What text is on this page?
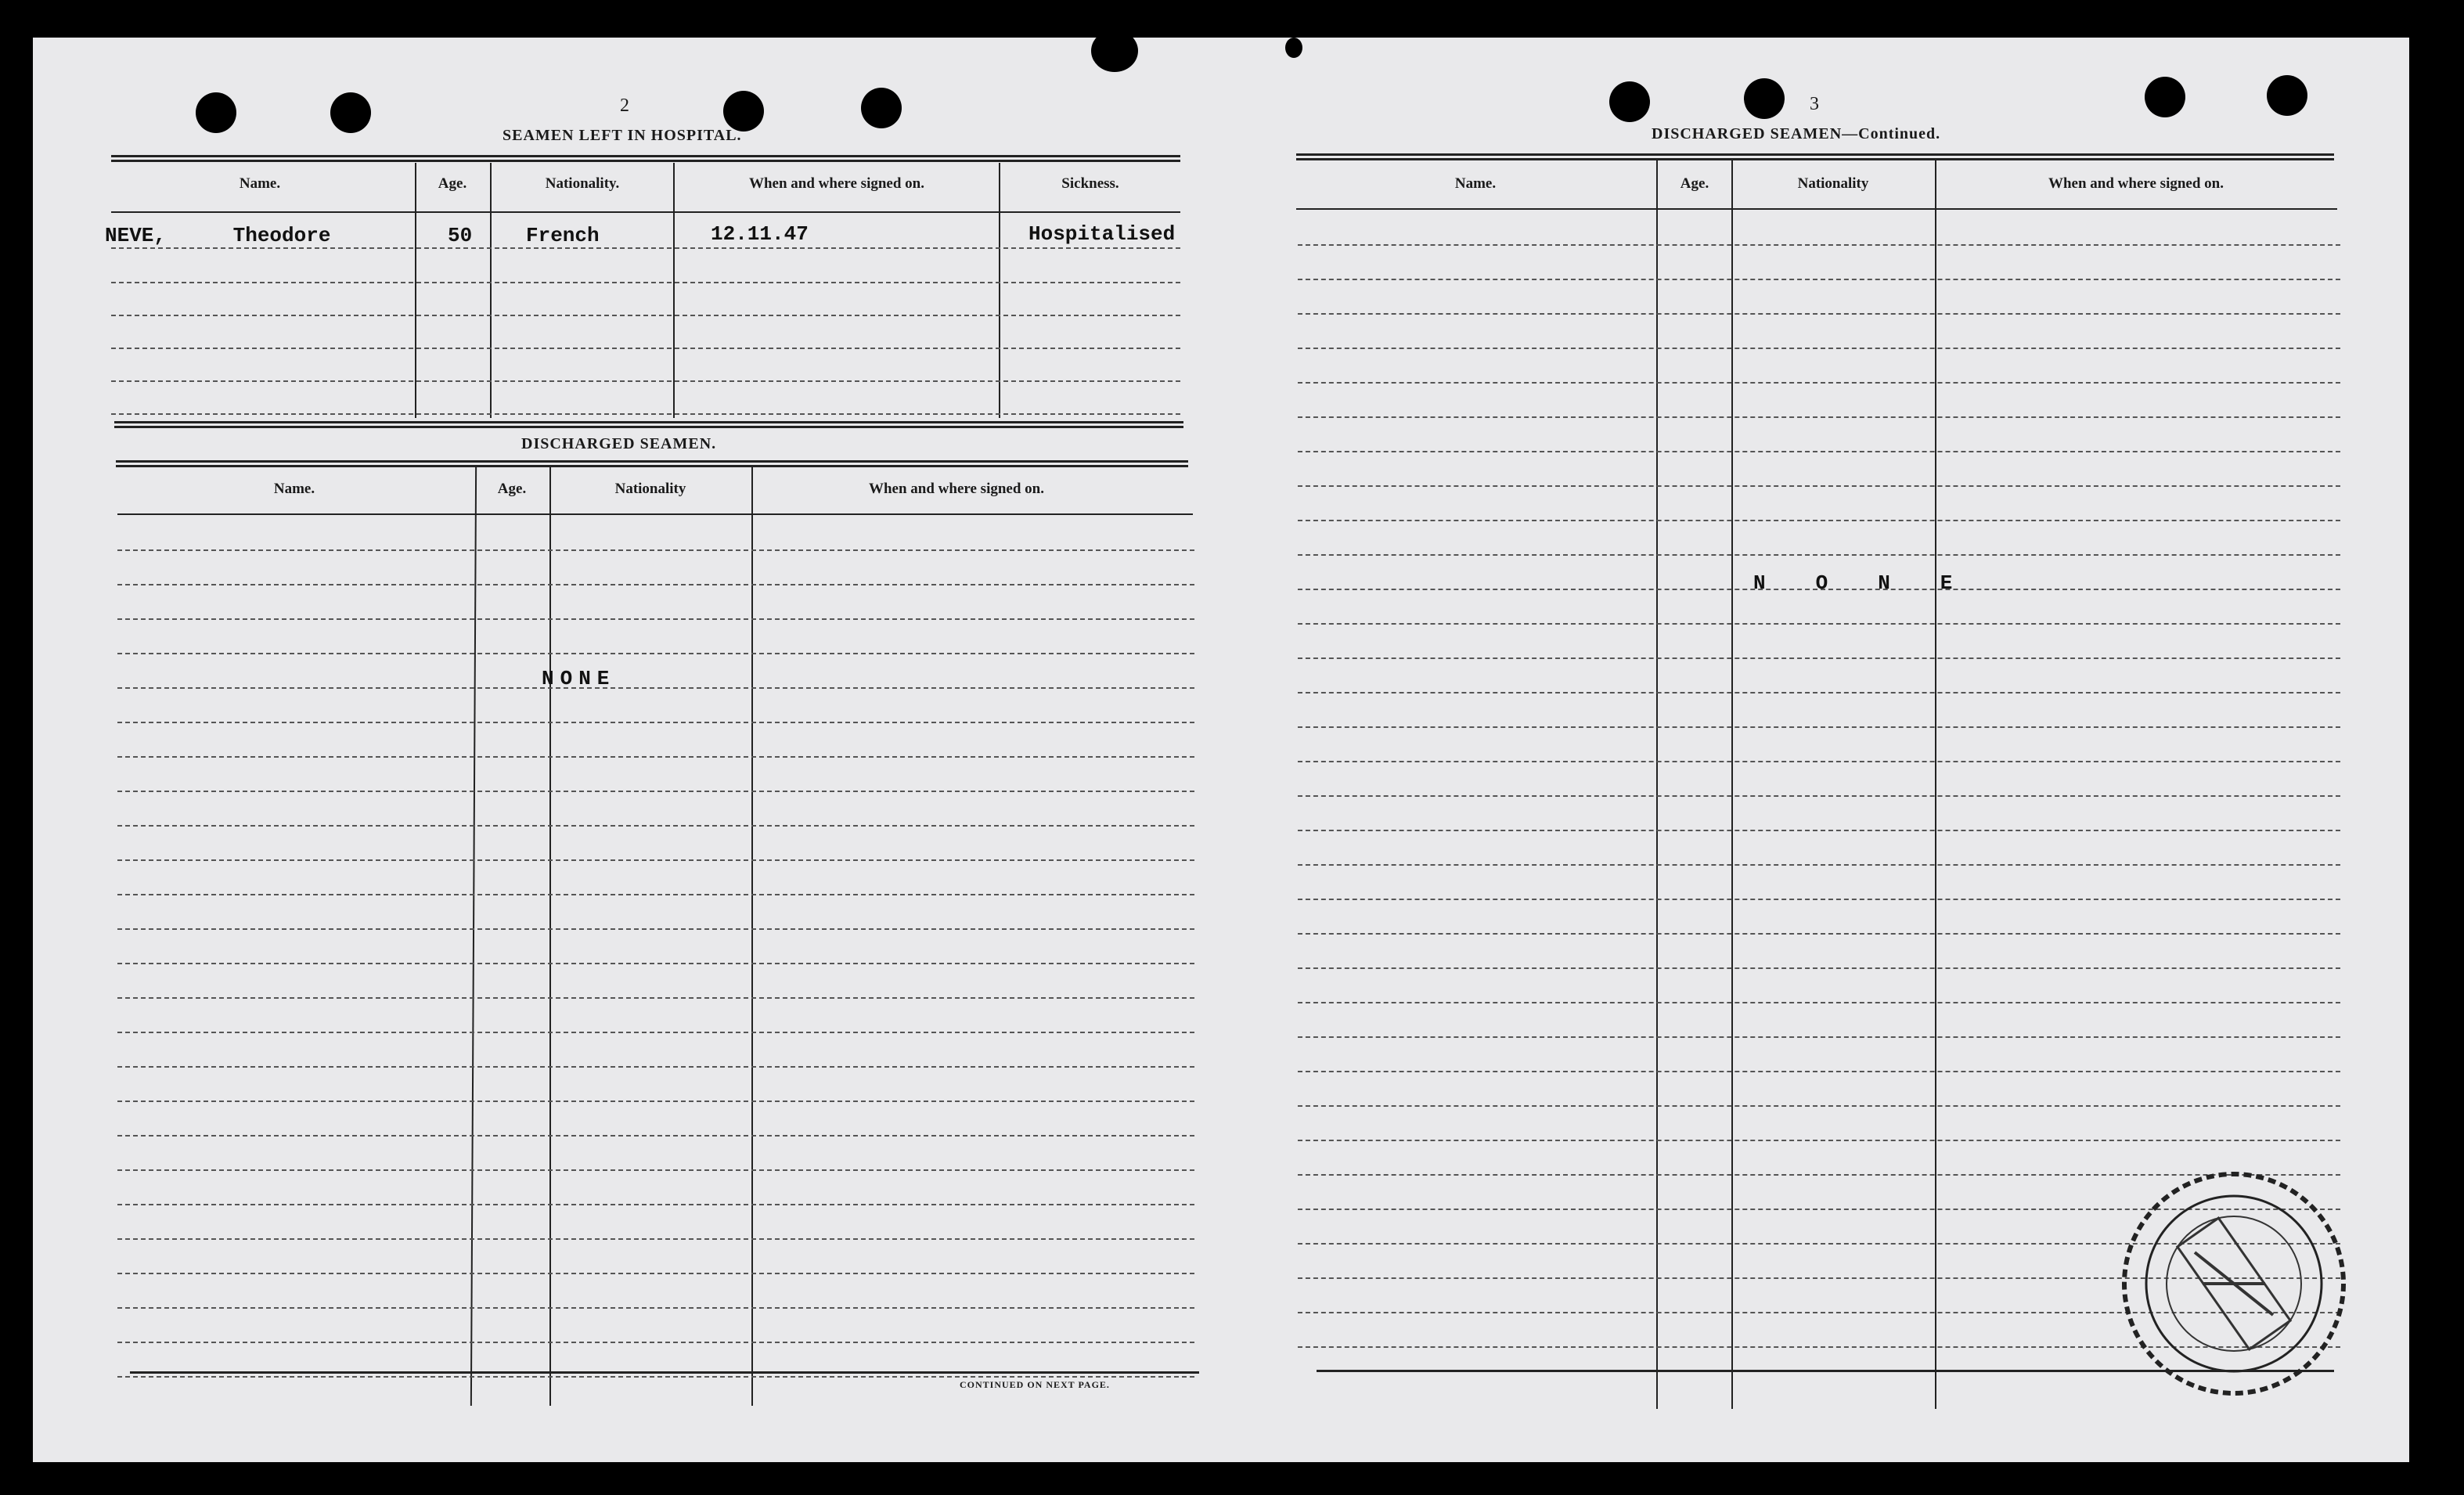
2
SEAMEN LEFT IN HOSPITAL.
Name.	Age.	Nationality.	When and where signed on.	Sickness.
NEVE, Theodore	50	French	12.11.47	Hospitalised
DISCHARGED SEAMEN.
Name.	Age.	Nationality	When and where signed on.
NONE
CONTINUED ON NEXT PAGE.
3
DISCHARGED SEAMEN—Continued.
Name.	Age.	Nationality	When and where signed on.
NONE
